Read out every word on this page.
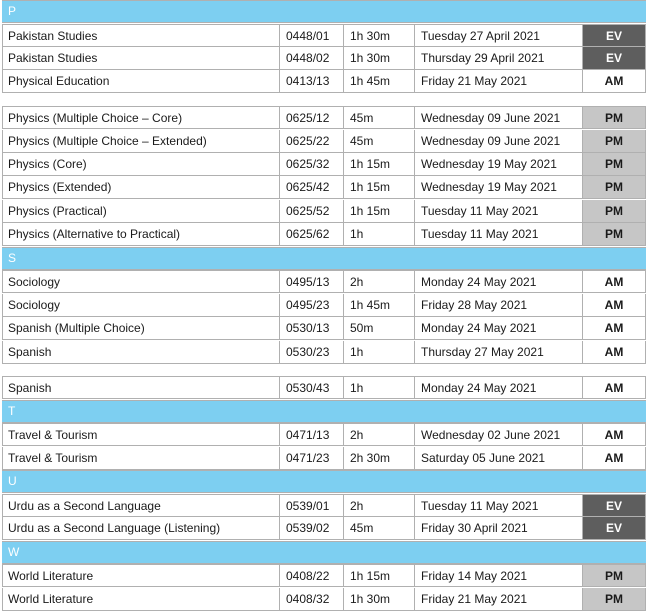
P
Pakistan Studies	0448/01	1h 30m	Tuesday 27 April 2021	EV
Pakistan Studies	0448/02	1h 30m	Thursday 29 April 2021	EV
Physical Education	0413/13	1h 45m	Friday 21 May 2021	AM
Physics (Multiple Choice – Core)	0625/12	45m	Wednesday 09 June 2021	PM
Physics (Multiple Choice – Extended)	0625/22	45m	Wednesday 09 June 2021	PM
Physics (Core)	0625/32	1h 15m	Wednesday 19 May 2021	PM
Physics (Extended)	0625/42	1h 15m	Wednesday 19 May 2021	PM
Physics (Practical)	0625/52	1h 15m	Tuesday 11 May 2021	PM
Physics (Alternative to Practical)	0625/62	1h	Tuesday 11 May 2021	PM
S
Sociology	0495/13	2h	Monday 24 May 2021	AM
Sociology	0495/23	1h 45m	Friday 28 May 2021	AM
Spanish (Multiple Choice)	0530/13	50m	Monday 24 May 2021	AM
Spanish	0530/23	1h	Thursday 27 May 2021	AM
Spanish	0530/43	1h	Monday 24 May 2021	AM
T
Travel & Tourism	0471/13	2h	Wednesday 02 June 2021	AM
Travel & Tourism	0471/23	2h 30m	Saturday 05 June 2021	AM
U
Urdu as a Second Language	0539/01	2h	Tuesday 11 May 2021	EV
Urdu as a Second Language (Listening)	0539/02	45m	Friday 30 April 2021	EV
W
World Literature	0408/22	1h 15m	Friday 14 May 2021	PM
World Literature	0408/32	1h 30m	Friday 21 May 2021	PM
